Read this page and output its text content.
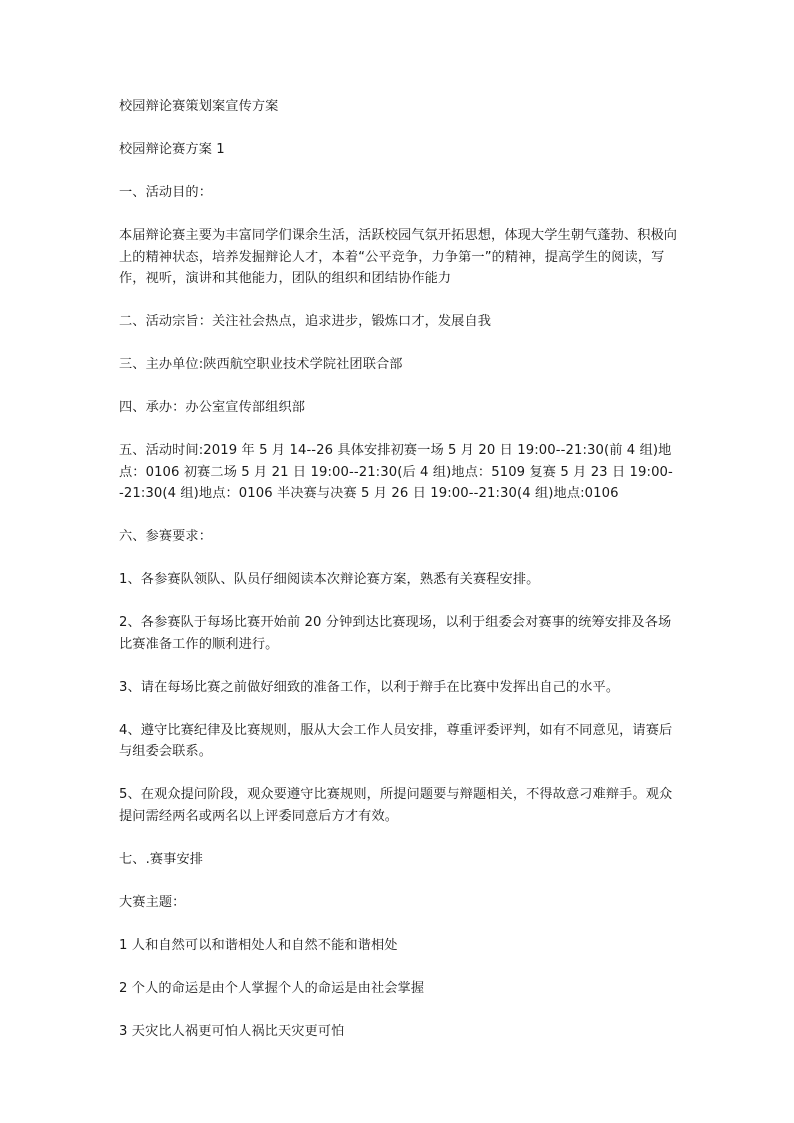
校园辩论赛策划案宣传方案

校园辩论赛方案 1

一、活动目的：

本届辩论赛主要为丰富同学们课余生活，活跃校园气氛开拓思想，体现大学生朝气蓬勃、积极向上的精神状态，培养发掘辩论人才，本着“公平竞争，力争第一”的精神，提高学生的阅读，写作，视听，演讲和其他能力，团队的组织和团结协作能力

二、活动宗旨：关注社会热点，追求进步，锻炼口才，发展自我

三、主办单位:陕西航空职业技术学院社团联合部

四、承办：办公室宣传部组织部

五、活动时间:2019 年 5 月 14--26 具体安排初赛一场 5 月 20 日 19:00--21:30(前 4 组)地点：0106 初赛二场 5 月 21 日 19:00--21:30(后 4 组)地点：5109 复赛 5 月 23 日 19:00--21:30(4 组)地点：0106 半决赛与决赛 5 月 26 日 19:00--21:30(4 组)地点:0106

六、参赛要求：

1、各参赛队领队、队员仔细阅读本次辩论赛方案，熟悉有关赛程安排。

2、各参赛队于每场比赛开始前 20 分钟到达比赛现场，以利于组委会对赛事的统筹安排及各场比赛准备工作的顺利进行。

3、请在每场比赛之前做好细致的准备工作，以利于辩手在比赛中发挥出自己的水平。

4、遵守比赛纪律及比赛规则，服从大会工作人员安排，尊重评委评判，如有不同意见，请赛后与组委会联系。

5、在观众提问阶段，观众要遵守比赛规则，所提问题要与辩题相关，不得故意刁难辩手。观众提问需经两名或两名以上评委同意后方才有效。

七、.赛事安排

大赛主题：

1 人和自然可以和谐相处人和自然不能和谐相处

2 个人的命运是由个人掌握个人的命运是由社会掌握

3 天灾比人祸更可怕人祸比天灾更可怕
